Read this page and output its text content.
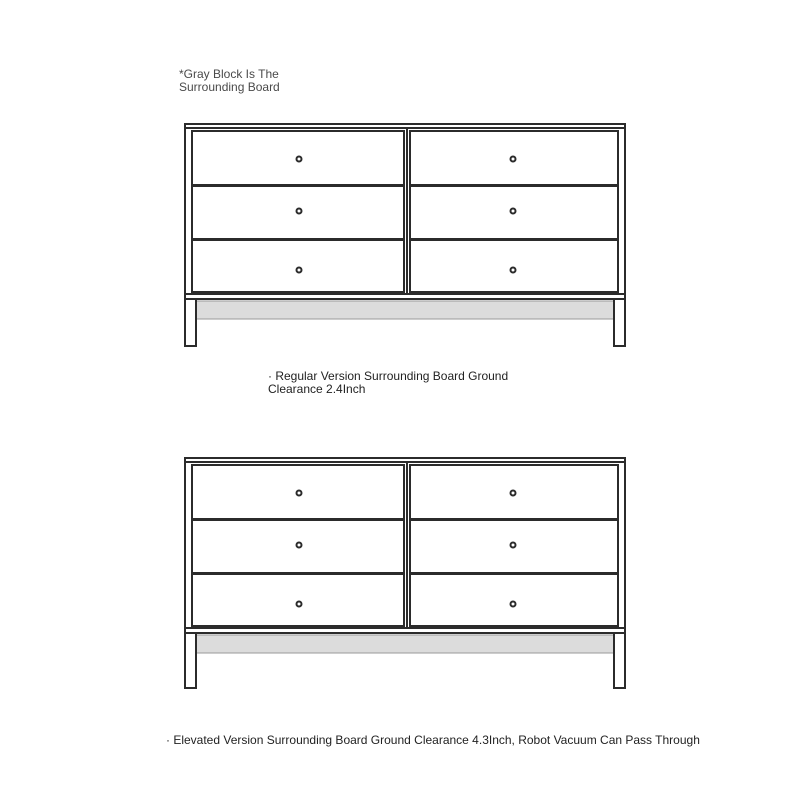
*Gray Block Is The Surrounding Board
· Regular Version Surrounding Board Ground Clearance 2.4Inch
· Elevated Version Surrounding Board Ground Clearance 4.3Inch, Robot Vacuum Can Pass Through
